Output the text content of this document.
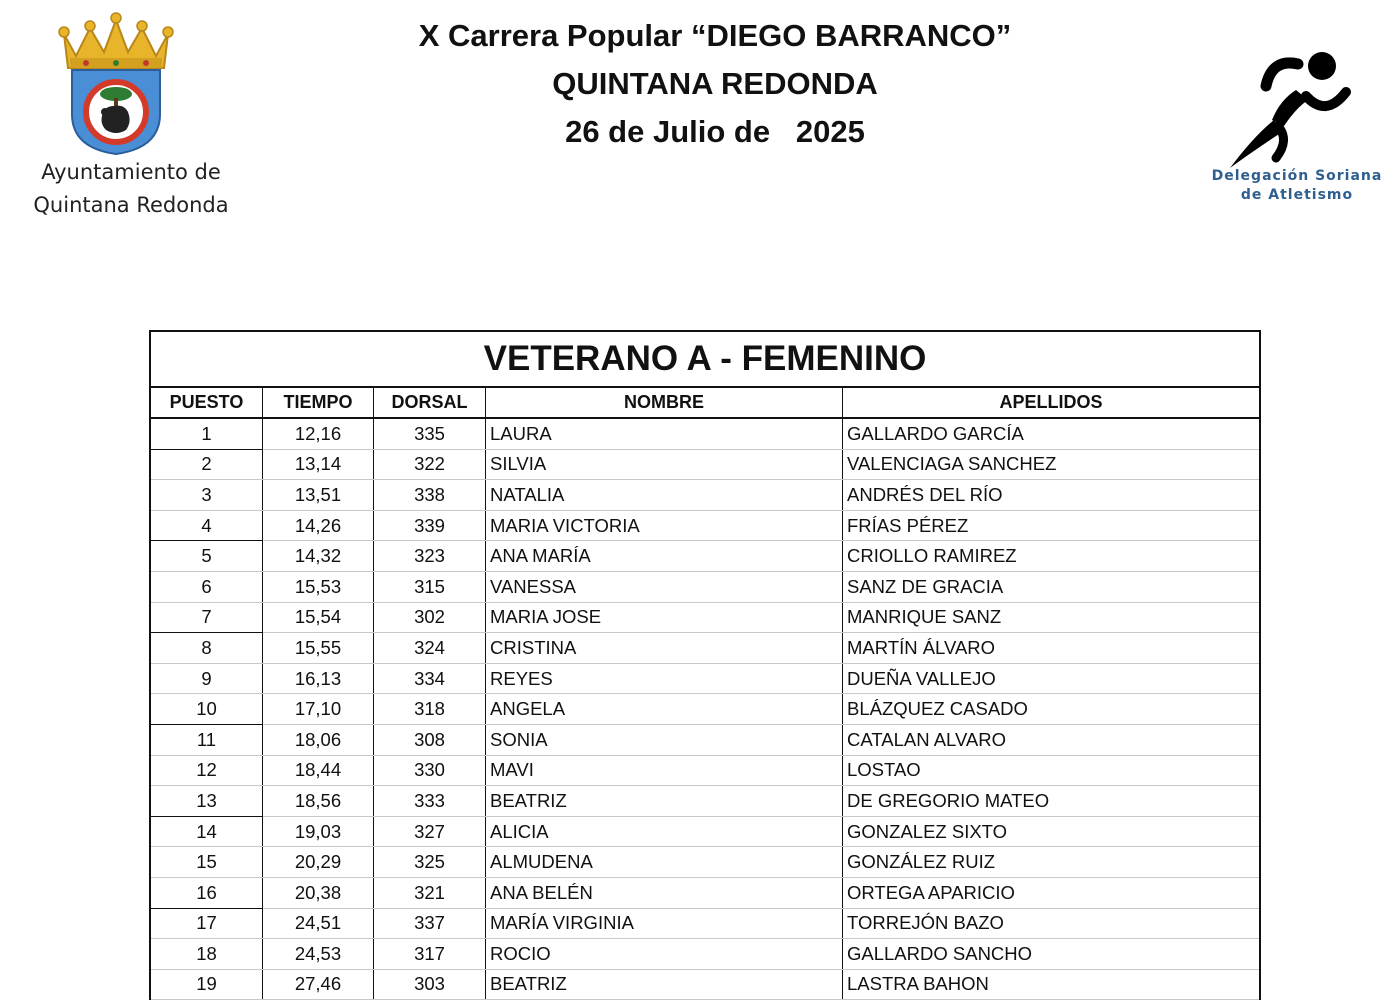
Ayuntamiento de
Quintana Redonda
X Carrera Popular “DIEGO BARRANCO”
QUINTANA REDONDA
26 de Julio de   2025
Delegación Soriana
de Atletismo
VETERANO A - FEMENINO
PUESTO	TIEMPO	DORSAL	NOMBRE	APELLIDOS
1	12,16	335	LAURA	GALLARDO GARCÍA
2	13,14	322	SILVIA	VALENCIAGA SANCHEZ
3	13,51	338	NATALIA	ANDRÉS DEL RÍO
4	14,26	339	MARIA VICTORIA	FRÍAS PÉREZ
5	14,32	323	ANA MARÍA	CRIOLLO RAMIREZ
6	15,53	315	VANESSA	SANZ DE GRACIA
7	15,54	302	MARIA JOSE	MANRIQUE SANZ
8	15,55	324	CRISTINA	MARTÍN ÁLVARO
9	16,13	334	REYES	DUEÑA VALLEJO
10	17,10	318	ANGELA	BLÁZQUEZ CASADO
11	18,06	308	SONIA	CATALAN ALVARO
12	18,44	330	MAVI	LOSTAO
13	18,56	333	BEATRIZ	DE GREGORIO MATEO
14	19,03	327	ALICIA	GONZALEZ SIXTO
15	20,29	325	ALMUDENA	GONZÁLEZ RUIZ
16	20,38	321	ANA BELÉN	ORTEGA APARICIO
17	24,51	337	MARÍA VIRGINIA	TORREJÓN BAZO
18	24,53	317	ROCIO	GALLARDO SANCHO
19	27,46	303	BEATRIZ	LASTRA BAHON
